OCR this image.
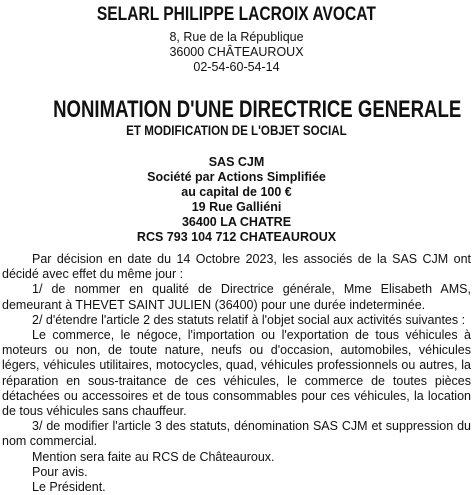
SELARL PHILIPPE LACROIX AVOCAT
8, Rue de la République
36000 CHÂTEAUROUX
02-54-60-54-14
NONIMATION D'UNE DIRECTRICE GENERALE
ET MODIFICATION DE L'OBJET SOCIAL
SAS CJM
Société par Actions Simplifiée
au capital de 100 €
19 Rue Galliéni
36400 LA CHATRE
RCS 793 104 712 CHATEAUROUX

Par décision en date du 14 Octobre 2023, les associés de la SAS CJM ont décidé avec effet du même jour :

1/ de nommer en qualité de Directrice générale, Mme Elisabeth AMS, demeurant à THEVET SAINT JULIEN (36400) pour une durée indeterminée.

2/ d'étendre l'article 2 des statuts relatif à l'objet social aux activités suivantes :

Le commerce, le négoce, l'importation ou l'exportation de tous véhicules à moteurs ou non, de toute nature, neufs ou d'occasion, automobiles, véhicules légers, véhicules utilitaires, motocycles, quad, véhicules professionnels ou autres, la réparation en sous-traitance de ces véhicules, le commerce de toutes pièces détachées ou accessoires et de tous consommables pour ces véhicules, la location de tous véhicules sans chauffeur.

3/ de modifier l'article 3 des statuts, dénomination SAS CJM et suppression du nom commercial.

Mention sera faite au RCS de Châteauroux.

Pour avis.

Le Président.
